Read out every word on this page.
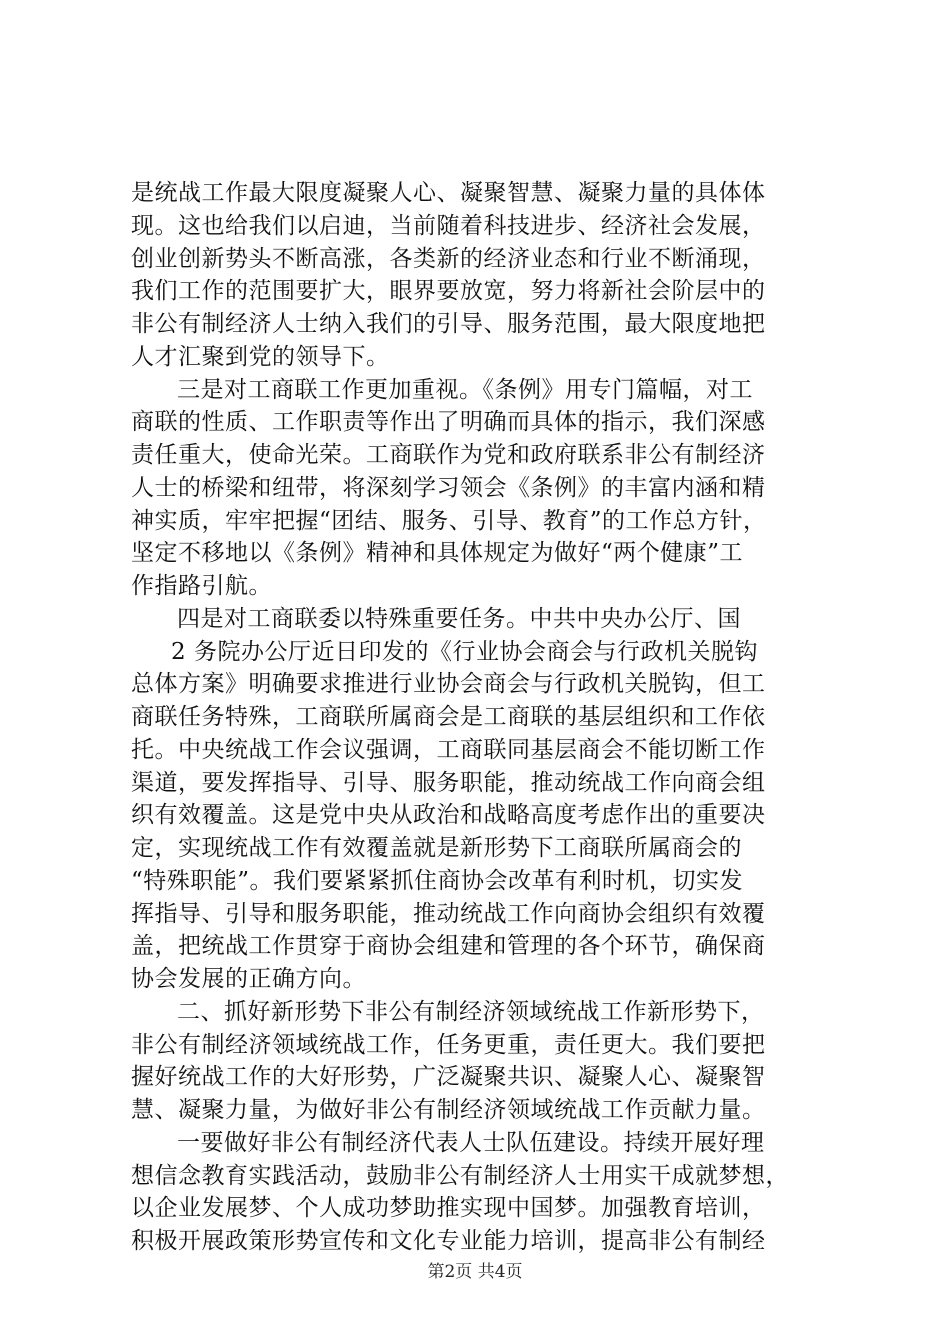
是统战工作最大限度凝聚人心、凝聚智慧、凝聚力量的具体体
现。这也给我们以启迪，当前随着科技进步、经济社会发展，
创业创新势头不断高涨，各类新的经济业态和行业不断涌现，
我们工作的范围要扩大，眼界要放宽，努力将新社会阶层中的
非公有制经济人士纳入我们的引导、服务范围，最大限度地把
人才汇聚到党的领导下。
三是对工商联工作更加重视。《条例》用专门篇幅，对工
商联的性质、工作职责等作出了明确而具体的指示，我们深感
责任重大，使命光荣。工商联作为党和政府联系非公有制经济
人士的桥梁和纽带，将深刻学习领会《条例》的丰富内涵和精
神实质，牢牢把握“团结、服务、引导、教育”的工作总方针，
坚定不移地以《条例》精神和具体规定为做好“两个健康”工
作指路引航。
四是对工商联委以特殊重要任务。中共中央办公厅、国
2 务院办公厅近日印发的《行业协会商会与行政机关脱钩
总体方案》明确要求推进行业协会商会与行政机关脱钩，但工
商联任务特殊，工商联所属商会是工商联的基层组织和工作依
托。中央统战工作会议强调，工商联同基层商会不能切断工作
渠道，要发挥指导、引导、服务职能，推动统战工作向商会组
织有效覆盖。这是党中央从政治和战略高度考虑作出的重要决
定，实现统战工作有效覆盖就是新形势下工商联所属商会的
“特殊职能”。我们要紧紧抓住商协会改革有利时机，切实发
挥指导、引导和服务职能，推动统战工作向商协会组织有效覆
盖，把统战工作贯穿于商协会组建和管理的各个环节，确保商
协会发展的正确方向。
二、抓好新形势下非公有制经济领域统战工作新形势下，
非公有制经济领域统战工作，任务更重，责任更大。我们要把
握好统战工作的大好形势，广泛凝聚共识、凝聚人心、凝聚智
慧、凝聚力量，为做好非公有制经济领域统战工作贡献力量。
一要做好非公有制经济代表人士队伍建设。持续开展好理
想信念教育实践活动，鼓励非公有制经济人士用实干成就梦想，
以企业发展梦、个人成功梦助推实现中国梦。加强教育培训，
积极开展政策形势宣传和文化专业能力培训，提高非公有制经
第2页 共4页
